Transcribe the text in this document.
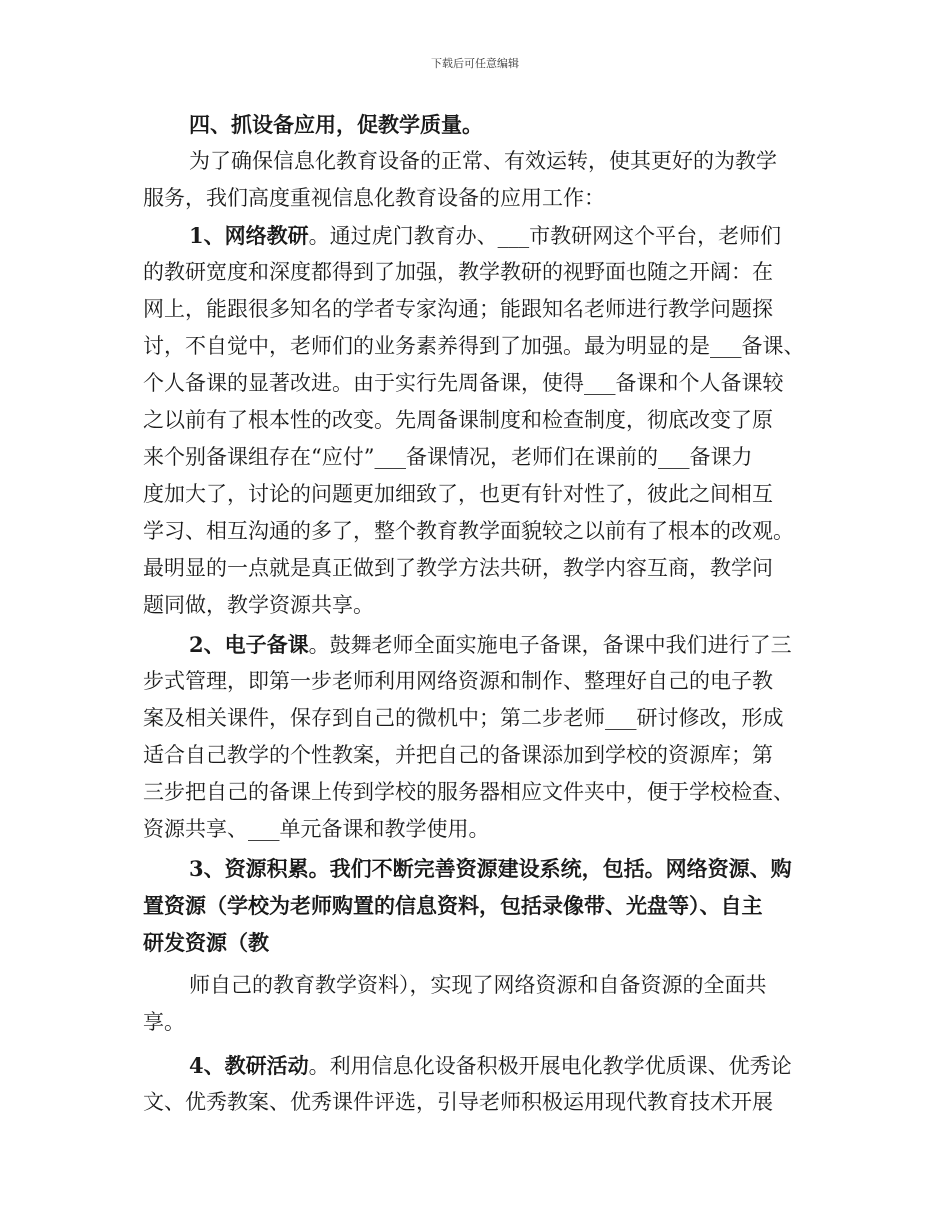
下载后可任意编辑
四、抓设备应用，促教学质量。
为了确保信息化教育设备的正常、有效运转，使其更好的为教学
服务，我们高度重视信息化教育设备的应用工作：
1、网络教研。通过虎门教育办、___市教研网这个平台，老师们
的教研宽度和深度都得到了加强，教学教研的视野面也随之开阔：在
网上，能跟很多知名的学者专家沟通；能跟知名老师进行教学问题探
讨，不自觉中，老师们的业务素养得到了加强。最为明显的是___备课、
个人备课的显著改进。由于实行先周备课，使得___备课和个人备课较
之以前有了根本性的改变。先周备课制度和检查制度，彻底改变了原
来个别备课组存在“应付”___备课情况，老师们在课前的___备课力
度加大了，讨论的问题更加细致了，也更有针对性了，彼此之间相互
学习、相互沟通的多了，整个教育教学面貌较之以前有了根本的改观。
最明显的一点就是真正做到了教学方法共研，教学内容互商，教学问
题同做，教学资源共享。
2、电子备课。鼓舞老师全面实施电子备课，备课中我们进行了三
步式管理，即第一步老师利用网络资源和制作、整理好自己的电子教
案及相关课件，保存到自己的微机中；第二步老师___研讨修改，形成
适合自己教学的个性教案，并把自己的备课添加到学校的资源库；第
三步把自己的备课上传到学校的服务器相应文件夹中，便于学校检查、
资源共享、___单元备课和教学使用。
3、资源积累。我们不断完善资源建设系统，包括。网络资源、购
置资源（学校为老师购置的信息资料，包括录像带、光盘等）、自主
研发资源（教
师自己的教育教学资料），实现了网络资源和自备资源的全面共
享。
4、教研活动。利用信息化设备积极开展电化教学优质课、优秀论
文、优秀教案、优秀课件评选，引导老师积极运用现代教育技术开展
